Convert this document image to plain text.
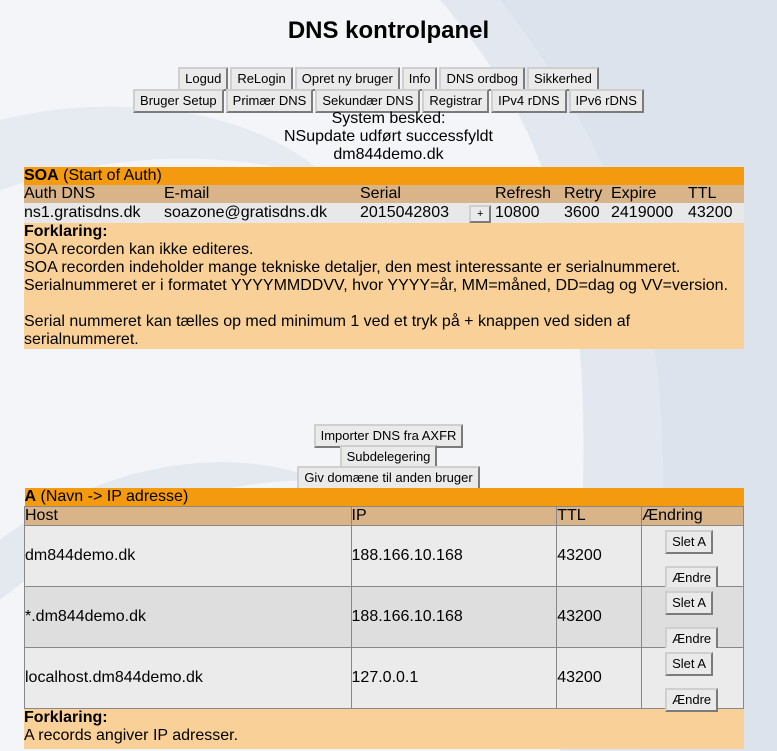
DNS kontrolpanel
Logud ReLogin Opret ny bruger Info DNS ordbog Sikkerhed
Bruger Setup Primær DNS Sekundær DNS Registrar IPv4 rDNS IPv6 rDNS
System besked:
NSupdate udført successfyldt
dm844demo.dk
SOA (Start of Auth)							
Auth DNS	E-mail	Serial		Refresh	Retry	Expire	TTL
ns1.gratisdns.dk	soazone@gratisdns.dk	2015042803	+	10800	3600	2419000	43200
Forklaring:
SOA recorden kan ikke editeres.
SOA recorden indeholder mange tekniske detaljer, den mest interessante er serialnummeret.
Serialnummeret er i formatet YYYYMMDDVV, hvor YYYY=år, MM=måned, DD=dag og VV=version.
Serial nummeret kan tælles op med minimum 1 ved et tryk på + knappen ved siden af serialnummeret.
Importer DNS fra AXFR
Subdelegering
Giv domæne til anden bruger
A (Navn -> IP adresse)			
Host	IP	TTL	Ændring
dm844demo.dk	188.166.10.168	43200	Slet A
Ændre

*.dm844demo.dk	188.166.10.168	43200	Slet A
Ændre

localhost.dm844demo.dk	127.0.0.1	43200	Slet A
Ændre
Forklaring:
A records angiver IP adresser.
